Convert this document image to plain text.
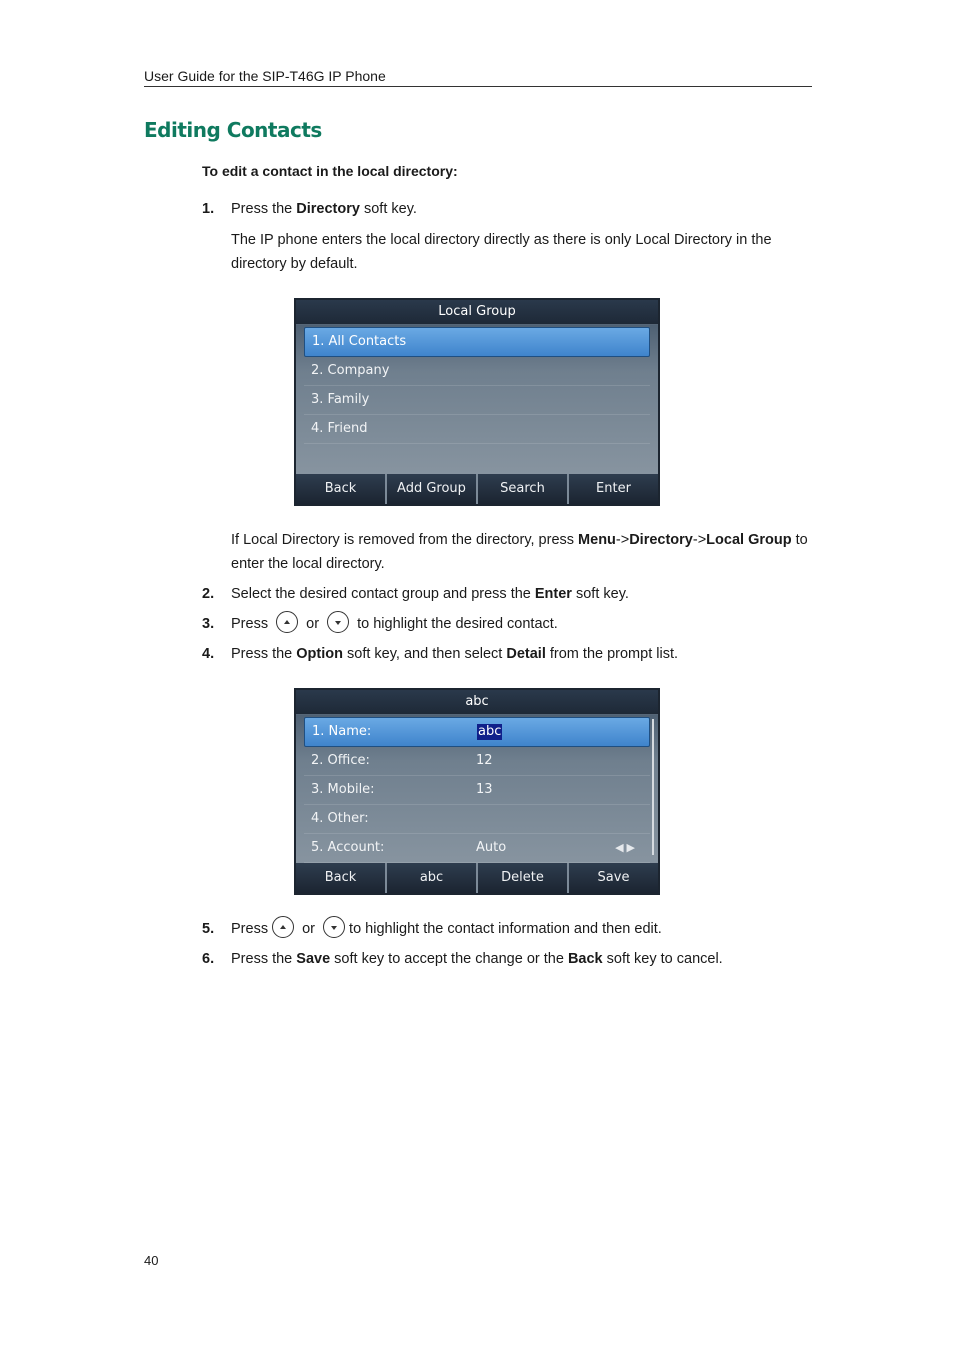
User Guide for the SIP-T46G IP Phone
Editing Contacts
To edit a contact in the local directory:
1.	Press the Directory soft key.
The IP phone enters the local directory directly as there is only Local Directory in the directory by default.
Local Group
1. All Contacts
2. Company
3. Family
4. Friend
Back	Add Group	Search	Enter
If Local Directory is removed from the directory, press Menu->Directory->Local Group to enter the local directory.
2.	Select the desired contact group and press the Enter soft key.
3.	Press	or	to highlight the desired contact.
4.	Press the Option soft key, and then select Detail from the prompt list.
abc
1. Name:	abc
2. Office:	12
3. Mobile:	13
4. Other:
5. Account:	Auto	◀▶
Back	abc	Delete	Save
5.	Press or to highlight the contact information and then edit.
6.	Press the Save soft key to accept the change or the Back soft key to cancel.
40
